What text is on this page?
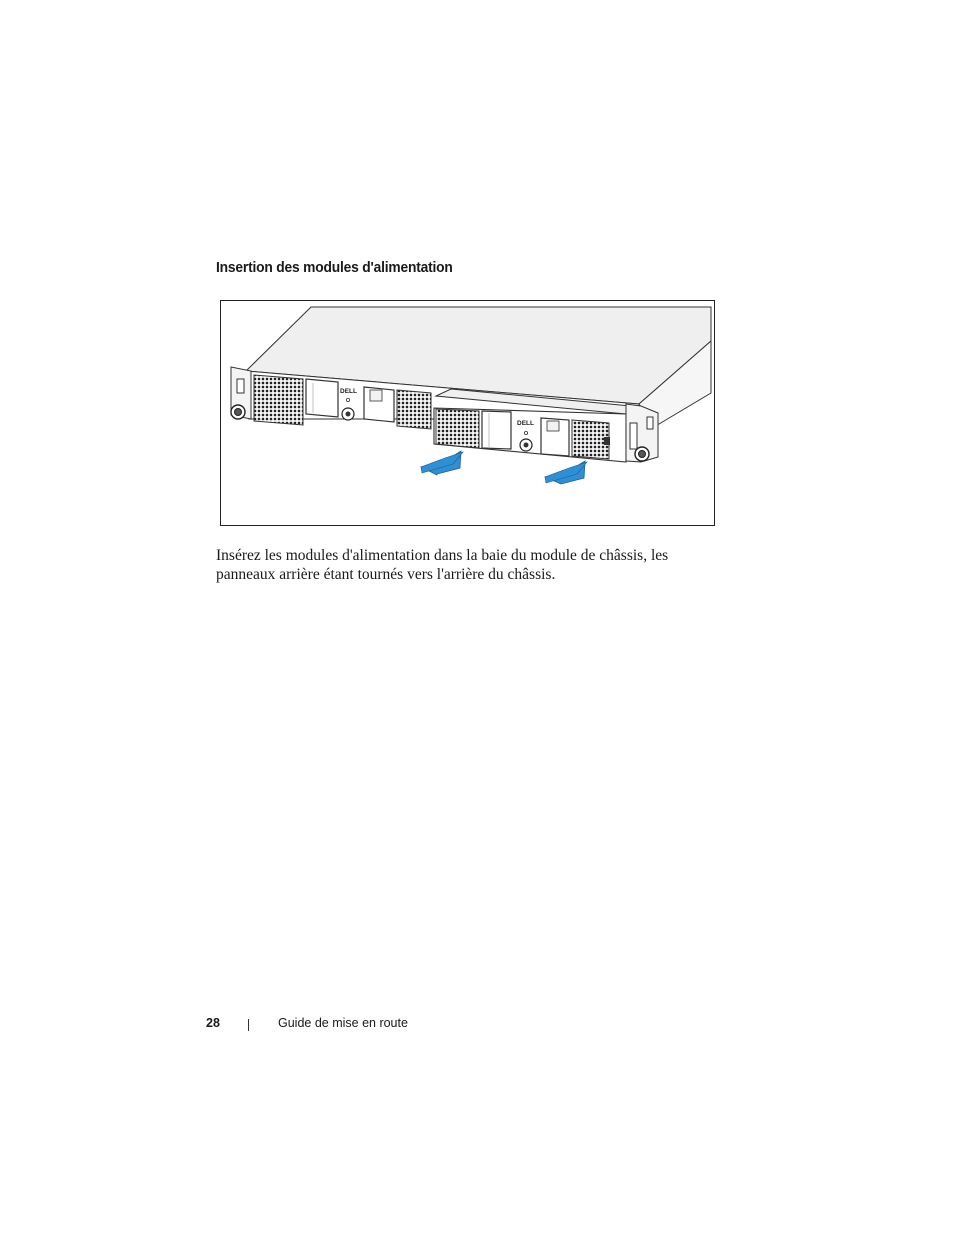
Insertion des modules d'alimentation
DELL
DELL

Insérez les modules d'alimentation dans la baie du module de châssis, les panneaux arrière étant tournés vers l'arrière du châssis.

28	Guide de mise en route
